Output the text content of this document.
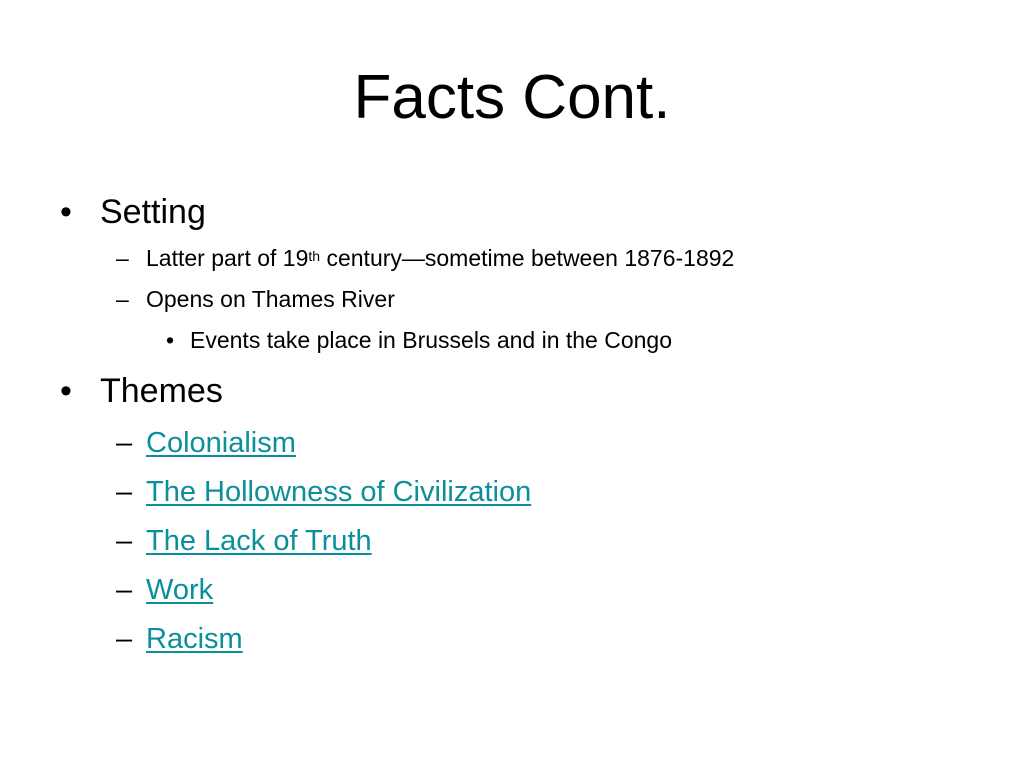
Facts Cont.
• Setting
– Latter part of 19th century—sometime between 1876-1892
– Opens on Thames River
• Events take place in Brussels and in the Congo
• Themes
– Colonialism
– The Hollowness of Civilization
– The Lack of Truth
– Work
– Racism
